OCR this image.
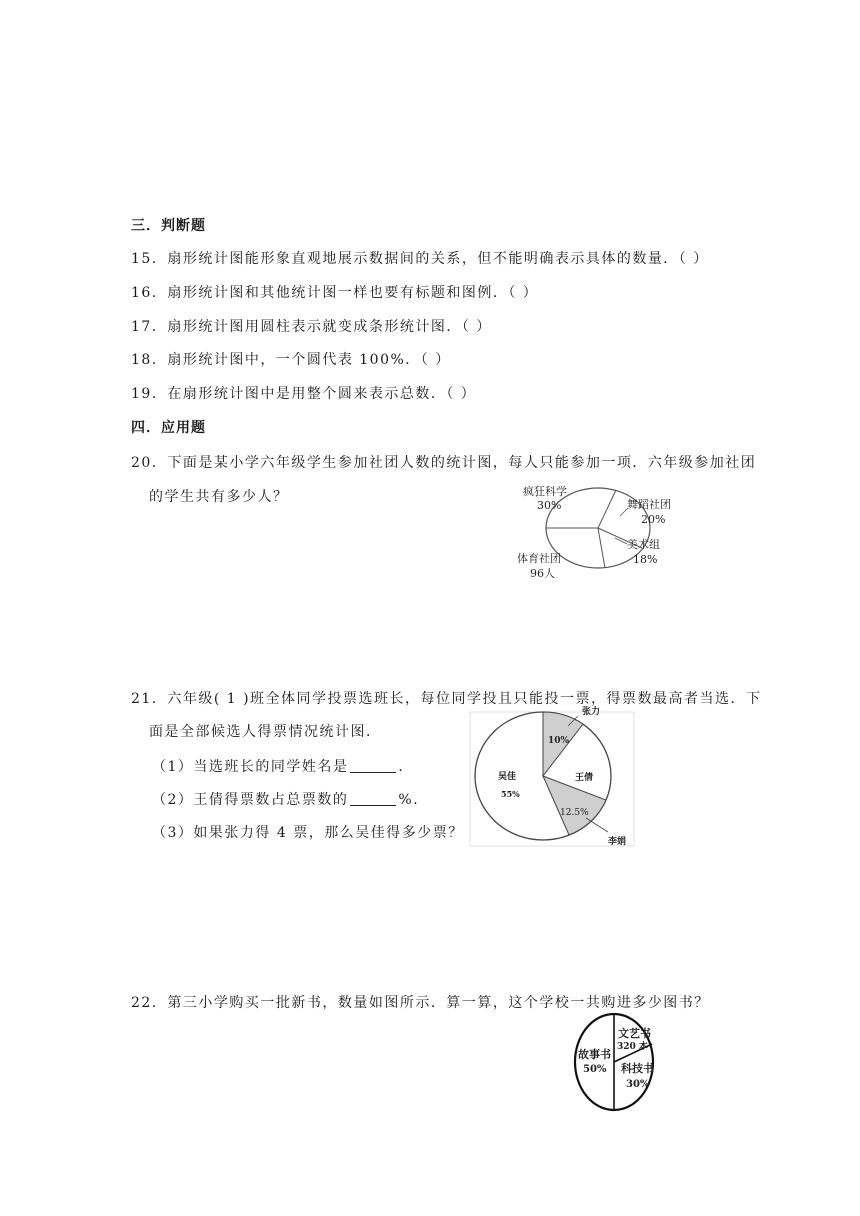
三．判断题
15．扇形统计图能形象直观地展示数据间的关系，但不能明确表示具体的数量．（ ）
16．扇形统计图和其他统计图一样也要有标题和图例．（ ）
17．扇形统计图用圆柱表示就变成条形统计图．（ ）
18．扇形统计图中，一个圆代表 100%．（ ）
19．在扇形统计图中是用整个圆来表示总数．（ ）
四．应用题
20．下面是某小学六年级学生参加社团人数的统计图，每人只能参加一项．六年级参加社团
的学生共有多少人？	疯狂科学
30%	舞蹈社团
20%
美术组
18%
体育社团
96人
21．六年级( 1 )班全体同学投票选班长，每位同学投且只能投一票，得票数最高者当选．下
面是全部候选人得票情况统计图．
（1）当选班长的同学姓名是	．
（2）王倩得票数占总票数的	%．
（3）如果张力得 4 票，那么吴佳得多少票？
张力
10%
王倩
12.5%
李娟
吴佳
55%
22．第三小学购买一批新书，数量如图所示．算一算，这个学校一共购进多少图书？
文艺书
320 本
科技书
30%
故事书
50%
